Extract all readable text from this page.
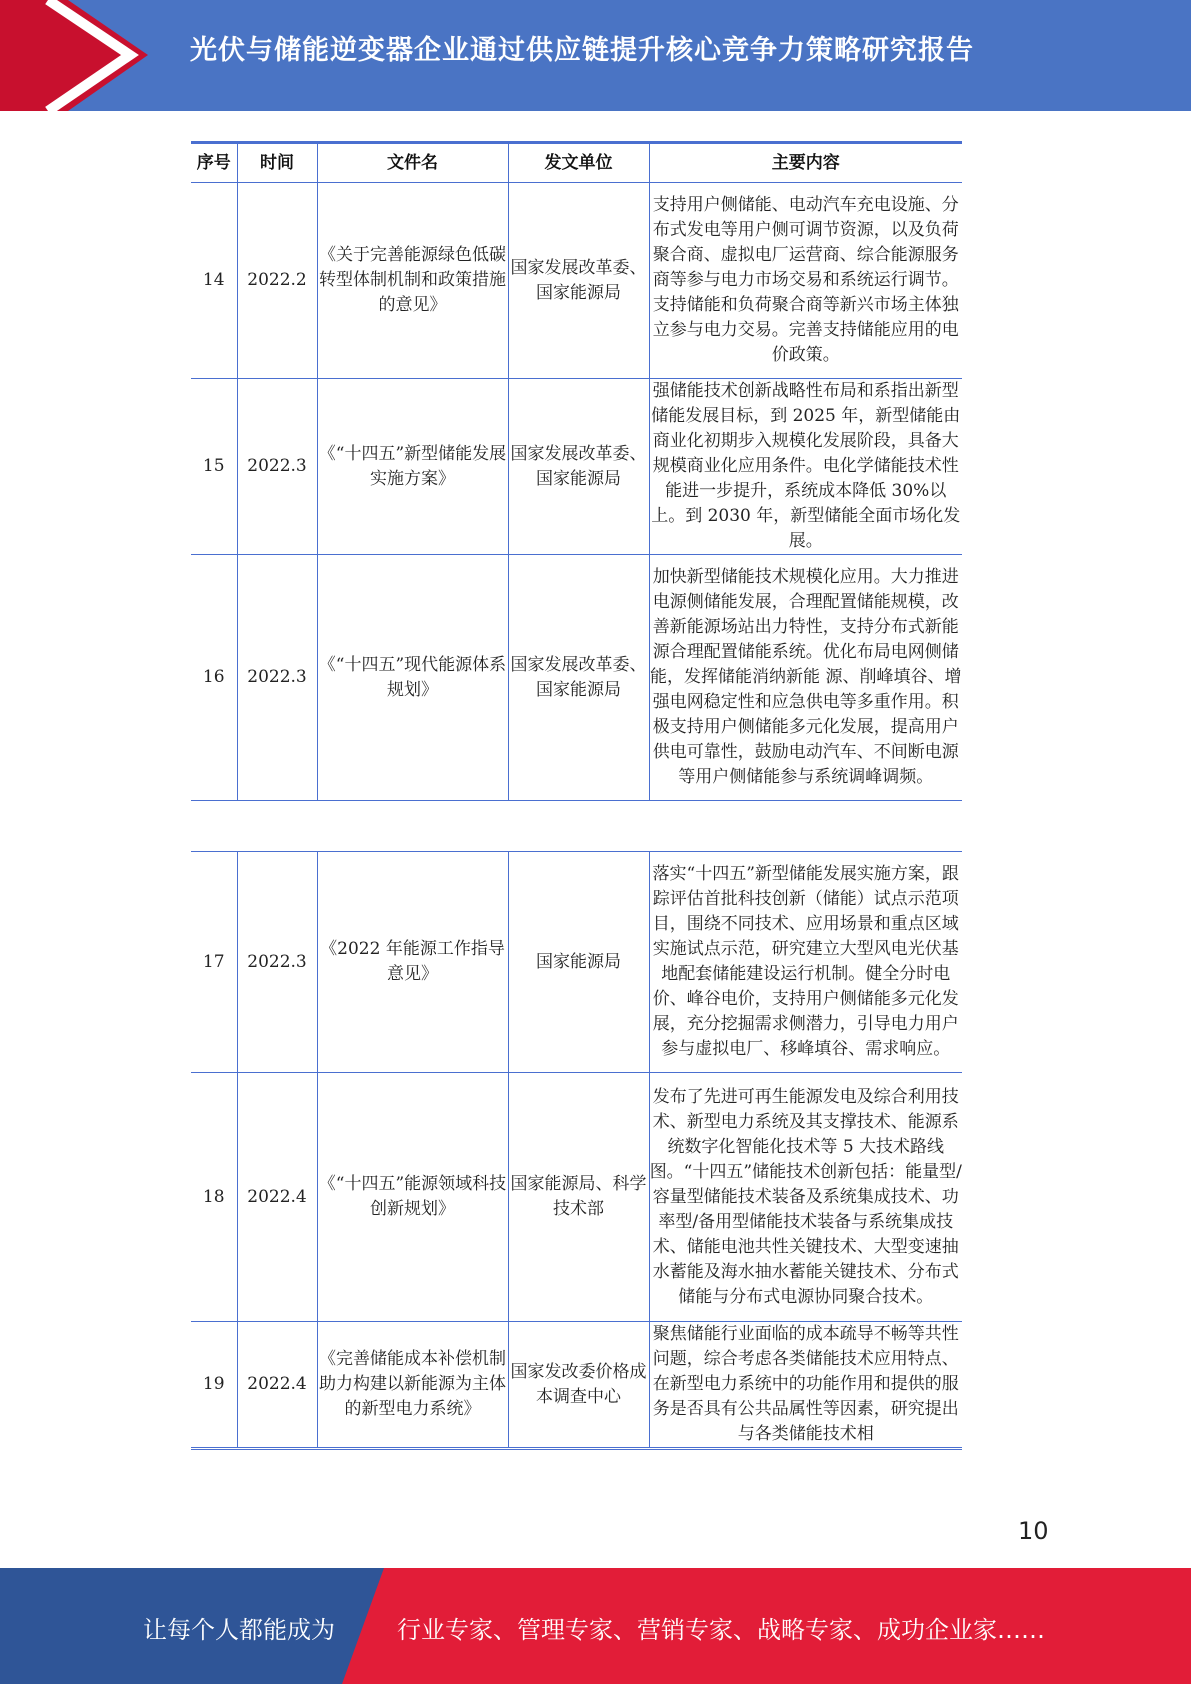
光伏与储能逆变器企业通过供应链提升核心竞争力策略研究报告
序号	时间	文件名	发文单位	主要内容
14	2022.2	《关于完善能源绿色低碳转型体制机制和政策措施的意见》	国家发展改革委、国家能源局	支持用户侧储能、电动汽车充电设施、分布式发电等用户侧可调节资源，以及负荷聚合商、虚拟电厂运营商、综合能源服务商等参与电力市场交易和系统运行调节。支持储能和负荷聚合商等新兴市场主体独立参与电力交易。完善支持储能应用的电价政策。
15	2022.3	《“十四五”新型储能发展实施方案》	国家发展改革委、国家能源局	强储能技术创新战略性布局和系指出新型储能发展目标，到 2025 年，新型储能由商业化初期步入规模化发展阶段，具备大规模商业化应用条件。电化学储能技术性能进一步提升，系统成本降低 30%以上。到 2030 年，新型储能全面市场化发展。
16	2022.3	《“十四五”现代能源体系规划》	国家发展改革委、国家能源局	加快新型储能技术规模化应用。大力推进电源侧储能发展，合理配置储能规模，改善新能源场站出力特性，支持分布式新能源合理配置储能系统。优化布局电网侧储能，发挥储能消纳新能 源、削峰填谷、增强电网稳定性和应急供电等多重作用。积极支持用户侧储能多元化发展，提高用户供电可靠性，鼓励电动汽车、不间断电源等用户侧储能参与系统调峰调频。
17	2022.3	《2022 年能源工作指导意见》	国家能源局	落实“十四五”新型储能发展实施方案，跟踪评估首批科技创新（储能）试点示范项目，围绕不同技术、应用场景和重点区域实施试点示范，研究建立大型风电光伏基地配套储能建设运行机制。健全分时电价、峰谷电价，支持用户侧储能多元化发展，充分挖掘需求侧潜力，引导电力用户参与虚拟电厂、移峰填谷、需求响应。
18	2022.4	《“十四五”能源领域科技创新规划》	国家能源局、科学技术部	发布了先进可再生能源发电及综合利用技术、新型电力系统及其支撑技术、能源系统数字化智能化技术等 5 大技术路线图。“十四五”储能技术创新包括：能量型/容量型储能技术装备及系统集成技术、功率型/备用型储能技术装备与系统集成技术、储能电池共性关键技术、大型变速抽水蓄能及海水抽水蓄能关键技术、分布式储能与分布式电源协同聚合技术。
19	2022.4	《完善储能成本补偿机制助力构建以新能源为主体的新型电力系统》	国家发改委价格成本调查中心	聚焦储能行业面临的成本疏导不畅等共性问题，综合考虑各类储能技术应用特点、在新型电力系统中的功能作用和提供的服务是否具有公共品属性等因素，研究提出与各类储能技术相
10
让每个人都能成为	行业专家、管理专家、营销专家、战略专家、成功企业家……
